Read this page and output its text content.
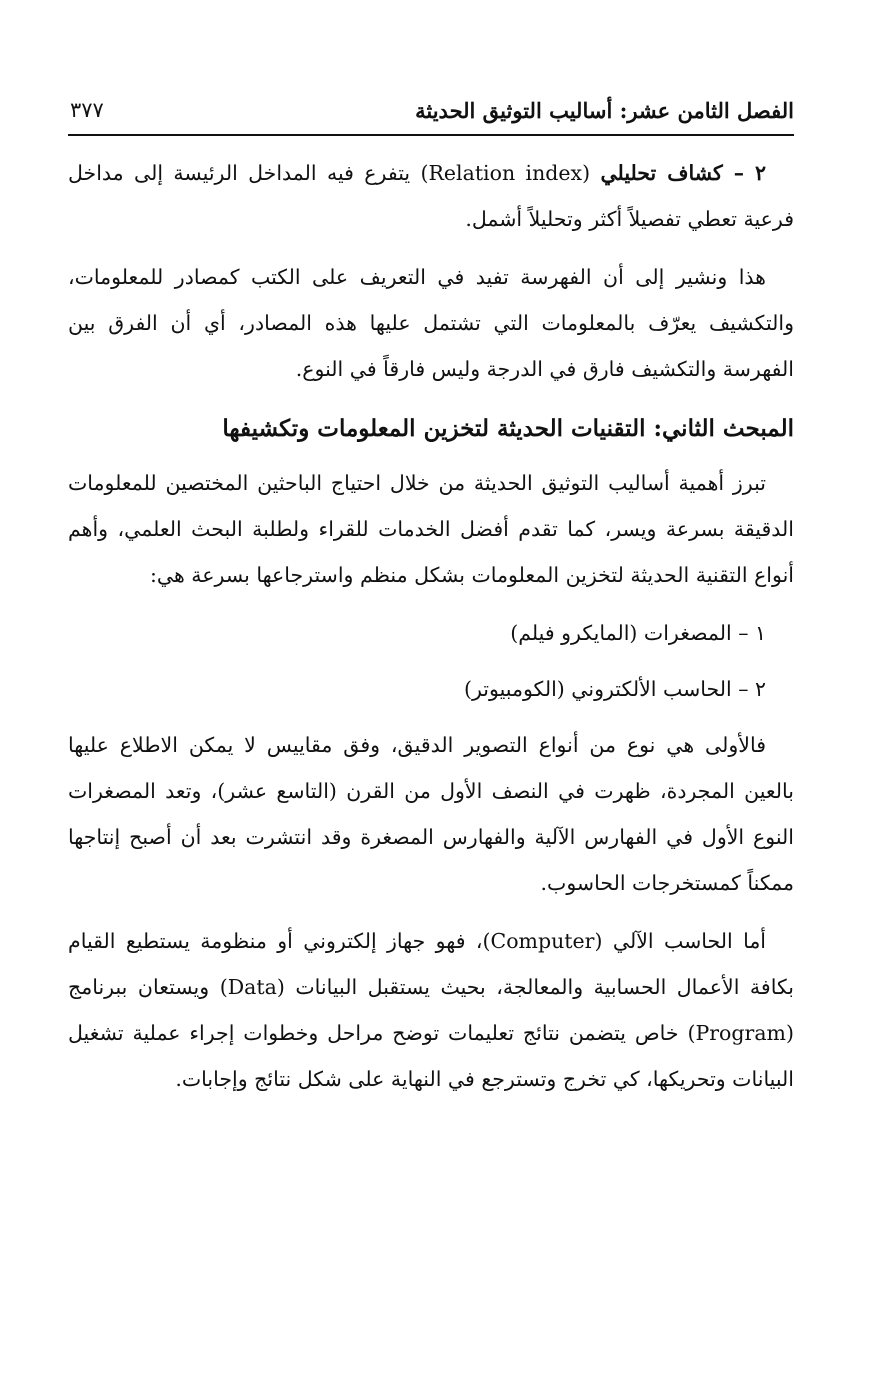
الفصل الثامن عشر: أساليب التوثيق الحديثة
٣٧٧

٢ – كشاف تحليلي (Relation index) يتفرع فيه المداخل الرئيسة إلى مداخل فرعية تعطي تفصيلاً أكثر وتحليلاً أشمل.

هذا ونشير إلى أن الفهرسة تفيد في التعريف على الكتب كمصادر للمعلومات، والتكشيف يعرّف بالمعلومات التي تشتمل عليها هذه المصادر، أي أن الفرق بين الفهرسة والتكشيف فارق في الدرجة وليس فارقاً في النوع.

المبحث الثاني: التقنيات الحديثة لتخزين المعلومات وتكشيفها

تبرز أهمية أساليب التوثيق الحديثة من خلال احتياج الباحثين المختصين للمعلومات الدقيقة بسرعة ويسر، كما تقدم أفضل الخدمات للقراء ولطلبة البحث العلمي، وأهم أنواع التقنية الحديثة لتخزين المعلومات بشكل منظم واسترجاعها بسرعة هي:

١ – المصغرات (المايكرو فيلم)
٢ – الحاسب الألكتروني (الكومبيوتر)

فالأولى هي نوع من أنواع التصوير الدقيق، وفق مقاييس لا يمكن الاطلاع عليها بالعين المجردة، ظهرت في النصف الأول من القرن (التاسع عشر)، وتعد المصغرات النوع الأول في الفهارس الآلية والفهارس المصغرة وقد انتشرت بعد أن أصبح إنتاجها ممكناً كمستخرجات الحاسوب.

أما الحاسب الآلي (Computer)، فهو جهاز إلكتروني أو منظومة يستطيع القيام بكافة الأعمال الحسابية والمعالجة، بحيث يستقبل البيانات (Data) ويستعان ببرنامج (Program) خاص يتضمن نتائج تعليمات توضح مراحل وخطوات إجراء عملية تشغيل البيانات وتحريكها، كي تخرج وتسترجع في النهاية على شكل نتائج وإجابات.
